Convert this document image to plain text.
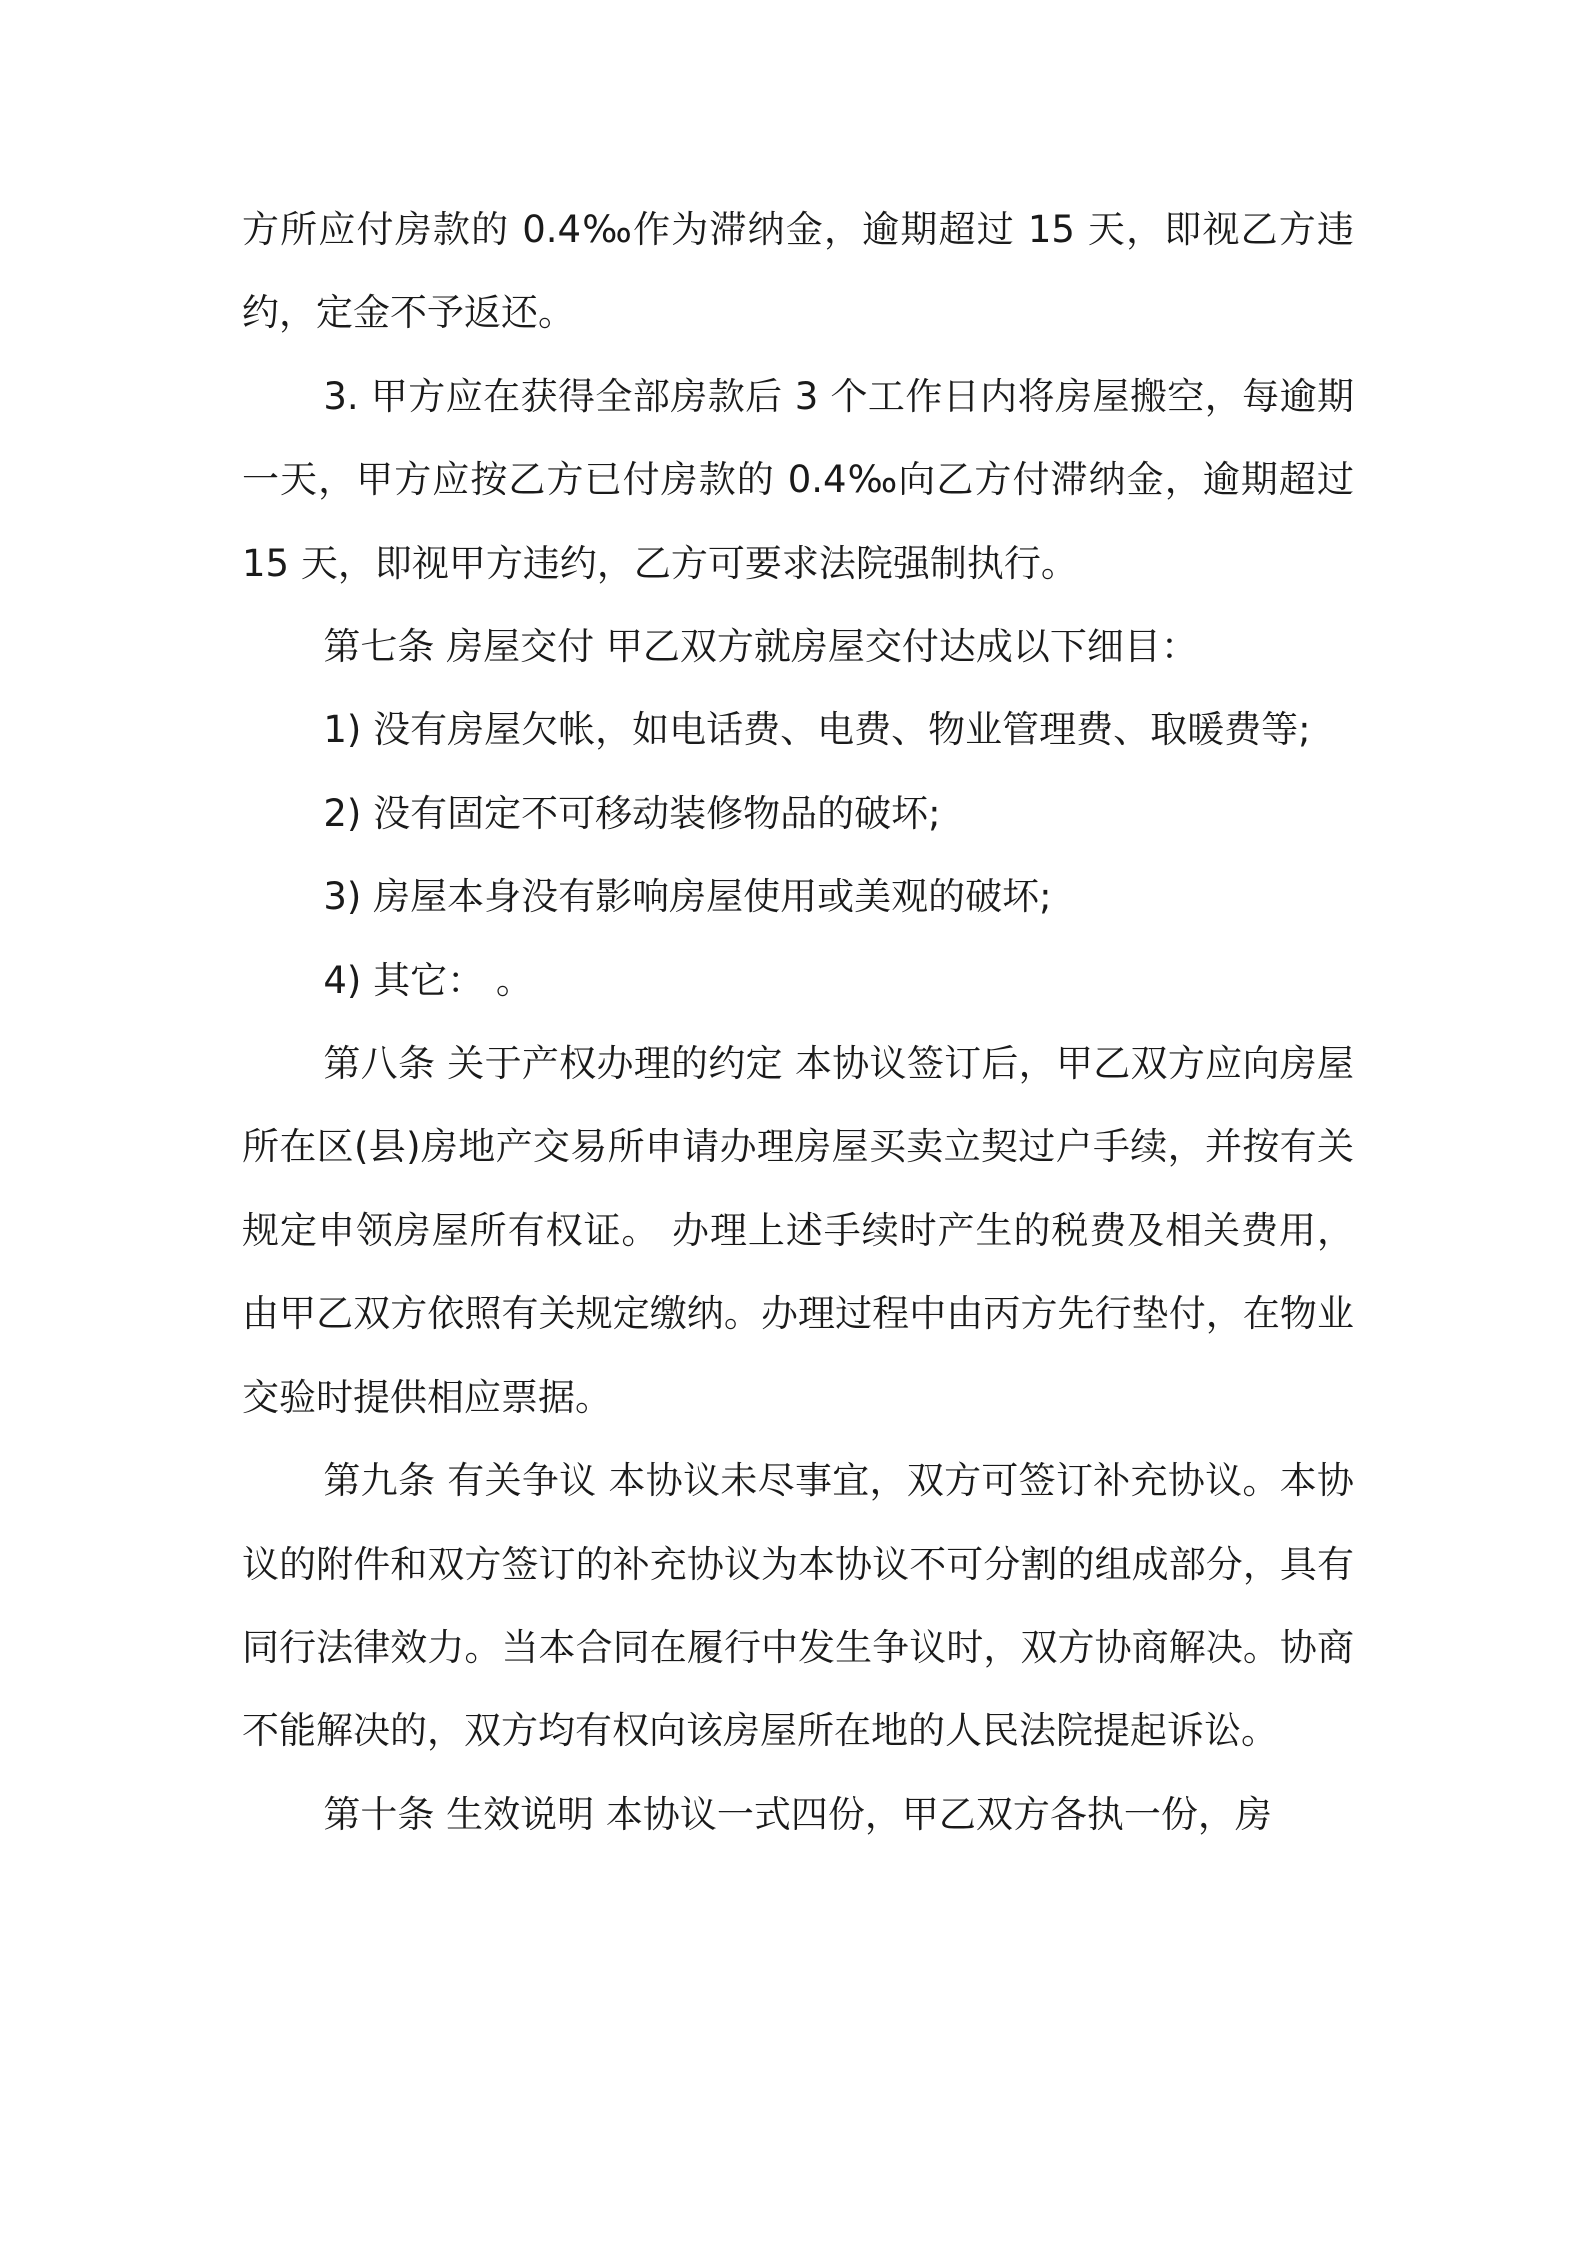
方所应付房款的 0.4‰作为滞纳金，逾期超过 15 天，即视乙方违约，定金不予返还。

3. 甲方应在获得全部房款后 3 个工作日内将房屋搬空，每逾期一天，甲方应按乙方已付房款的 0.4‰向乙方付滞纳金，逾期超过 15 天，即视甲方违约，乙方可要求法院强制执行。

第七条 房屋交付 甲乙双方就房屋交付达成以下细目：

1) 没有房屋欠帐，如电话费、电费、物业管理费、取暖费等;

2) 没有固定不可移动装修物品的破坏;

3) 房屋本身没有影响房屋使用或美观的破坏;

4) 其它： 。

第八条 关于产权办理的约定 本协议签订后，甲乙双方应向房屋所在区(县)房地产交易所申请办理房屋买卖立契过户手续，并按有关规定申领房屋所有权证。 办理上述手续时产生的税费及相关费用，由甲乙双方依照有关规定缴纳。办理过程中由丙方先行垫付，在物业交验时提供相应票据。

第九条 有关争议 本协议未尽事宜，双方可签订补充协议。本协议的附件和双方签订的补充协议为本协议不可分割的组成部分，具有同行法律效力。当本合同在履行中发生争议时，双方协商解决。协商不能解决的，双方均有权向该房屋所在地的人民法院提起诉讼。

第十条 生效说明 本协议一式四份，甲乙双方各执一份，房
